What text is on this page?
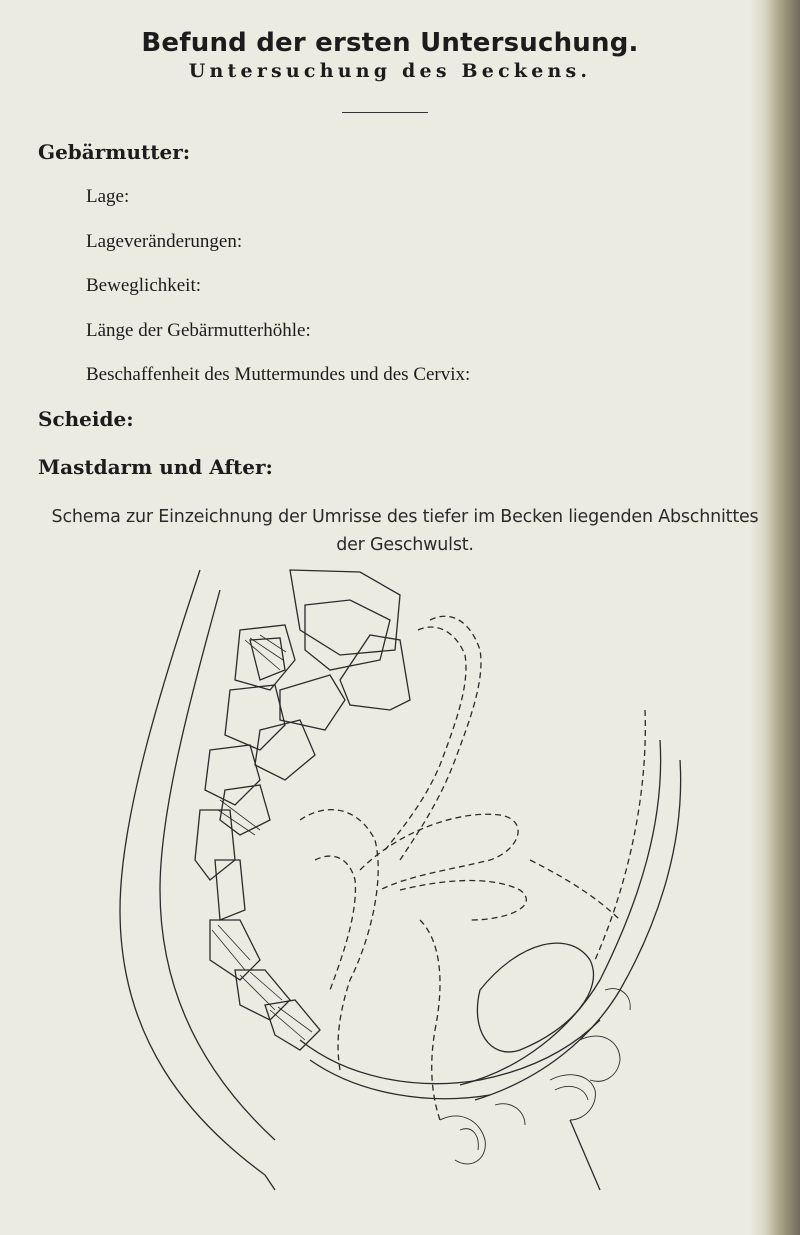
Befund der ersten Untersuchung.
Untersuchung des Beckens.
Gebärmutter:
Lage:
Lageveränderungen:
Beweglichkeit:
Länge der Gebärmutterhöhle:
Beschaffenheit des Muttermundes und des Cervix:
Scheide:
Mastdarm und After:
Schema zur Einzeichnung der Umrisse des tiefer im Becken liegenden Abschnittes
der Geschwulst.
